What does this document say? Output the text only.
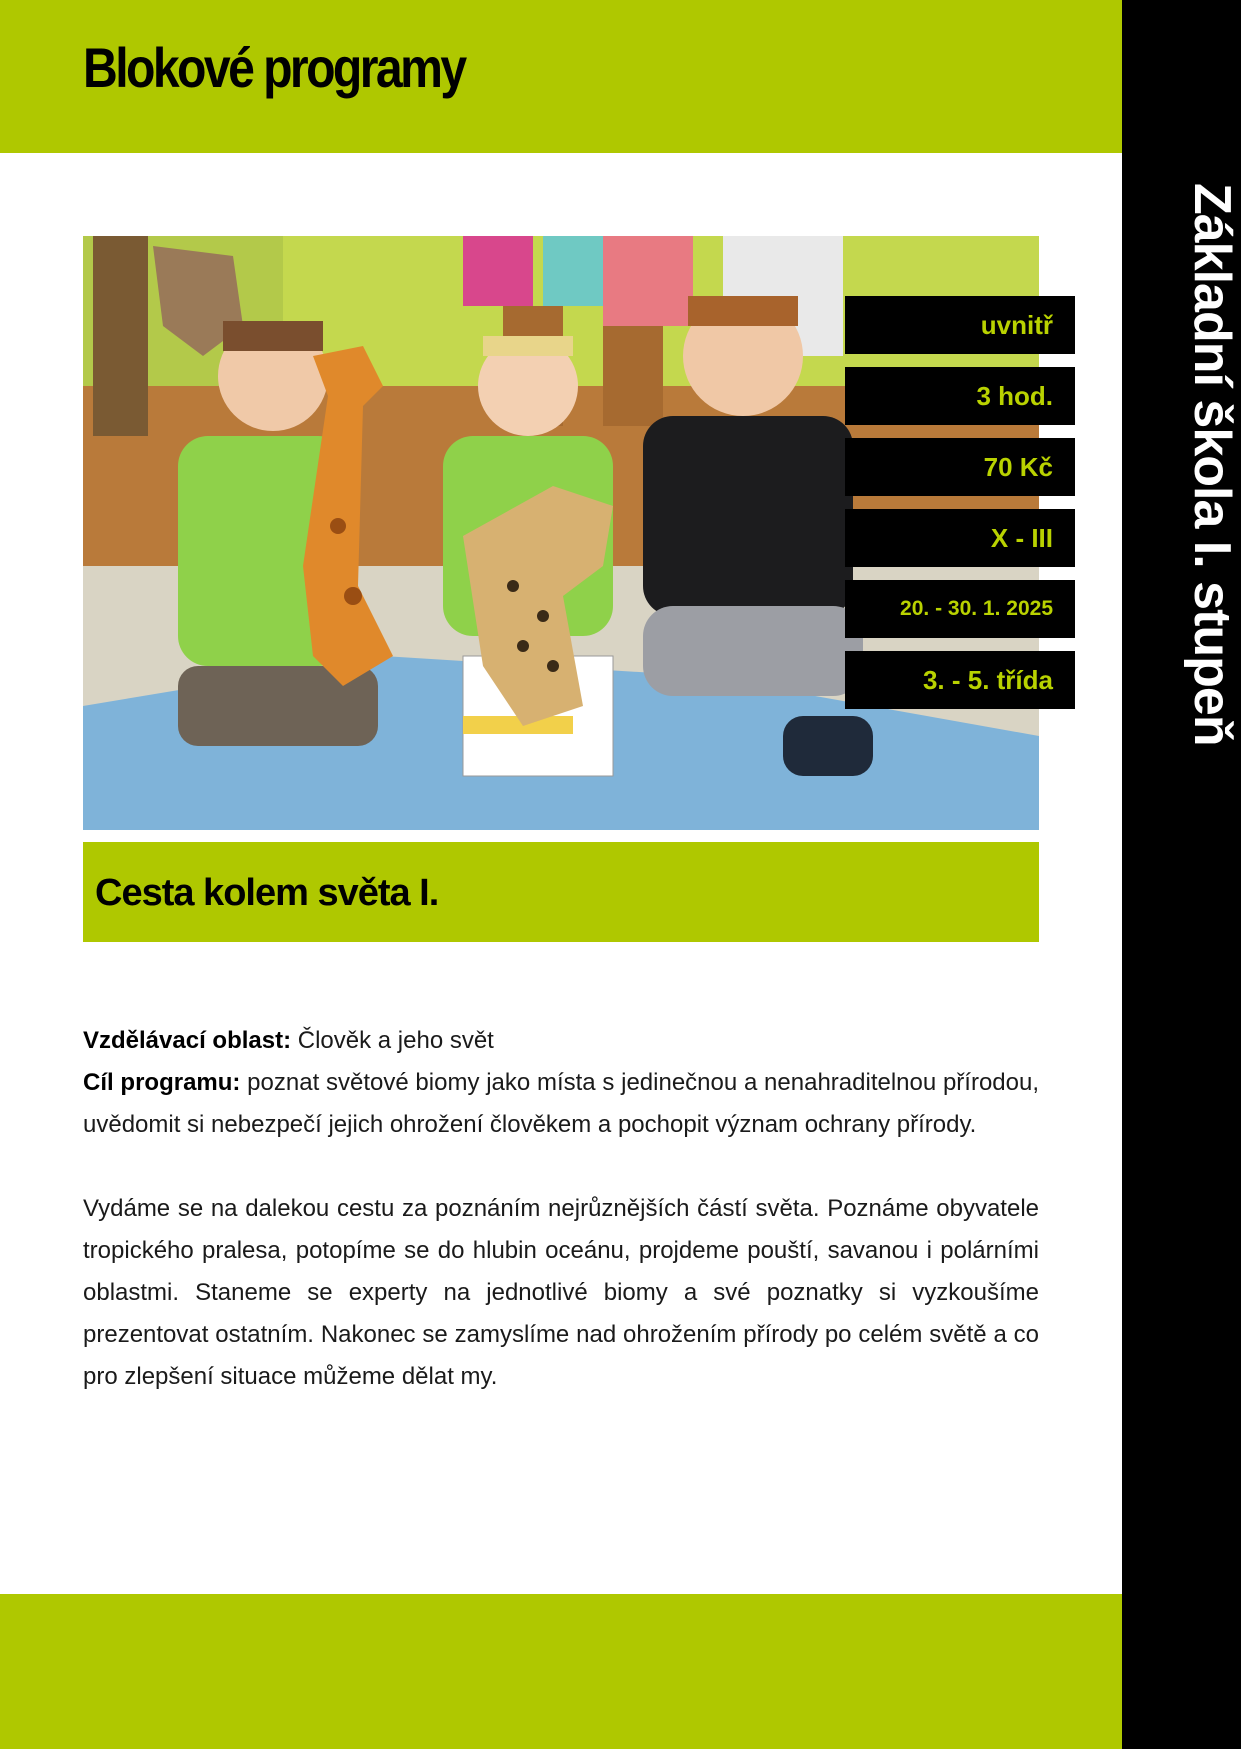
Blokové programy
Základní škola I. stupeň
uvnitř
3 hod.
70 Kč
X - III
20. - 30. 1. 2025
3. - 5. třída
Cesta kolem světa I.

Vzdělávací oblast: Člověk a jeho svět

Cíl programu: poznat světové biomy jako místa s jedinečnou a nenahraditelnou přírodou, uvědomit si nebezpečí jejich ohrožení člověkem a pochopit význam ochrany přírody.

Vydáme se na dalekou cestu za poznáním nejrůznějších částí světa. Poznáme obyvatele tropického pralesa, potopíme se do hlubin oceánu, projdeme pouští, savanou i polárními oblastmi. Staneme se experty na jednotlivé biomy a své poznatky si vyzkoušíme prezentovat ostatním. Nakonec se zamyslíme nad ohrožením přírody po celém světě a co pro zlepšení situace můžeme dělat my.
